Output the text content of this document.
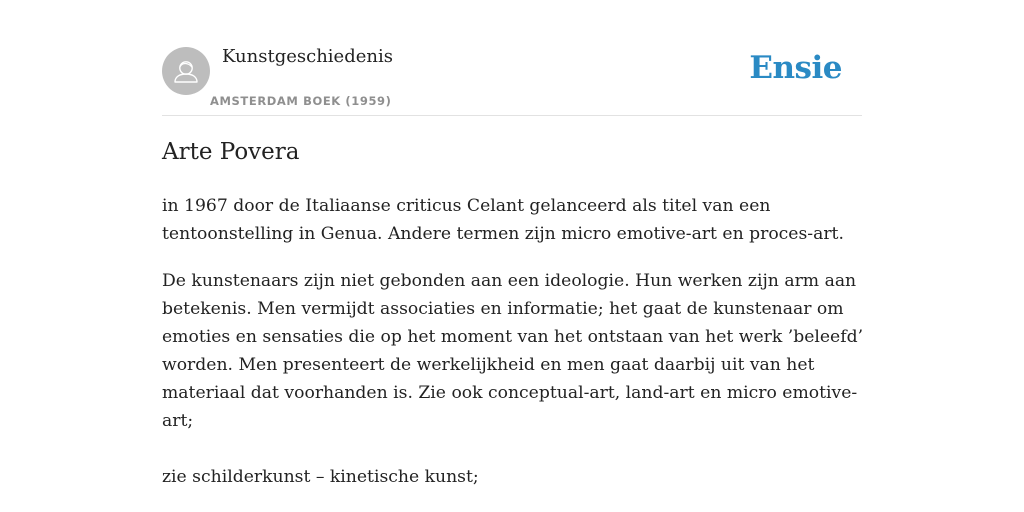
Kunstgeschiedenis
AMSTERDAM BOEK (1959)
Ensie
Arte Povera

in 1967 door de Italiaanse criticus Celant gelanceerd als titel van een
tentoonstelling in Genua. Andere termen zijn micro emotive-art en proces-art.

De kunstenaars zijn niet gebonden aan een ideologie. Hun werken zijn arm aan
betekenis. Men vermijdt associaties en informatie; het gaat de kunstenaar om
emoties en sensaties die op het moment van het ontstaan van het werk ’beleefd’
worden. Men presenteert de werkelijkheid en men gaat daarbij uit van het
materiaal dat voorhanden is. Zie ook conceptual-art, land-art en micro emotive-
art;

zie schilderkunst – kinetische kunst;
